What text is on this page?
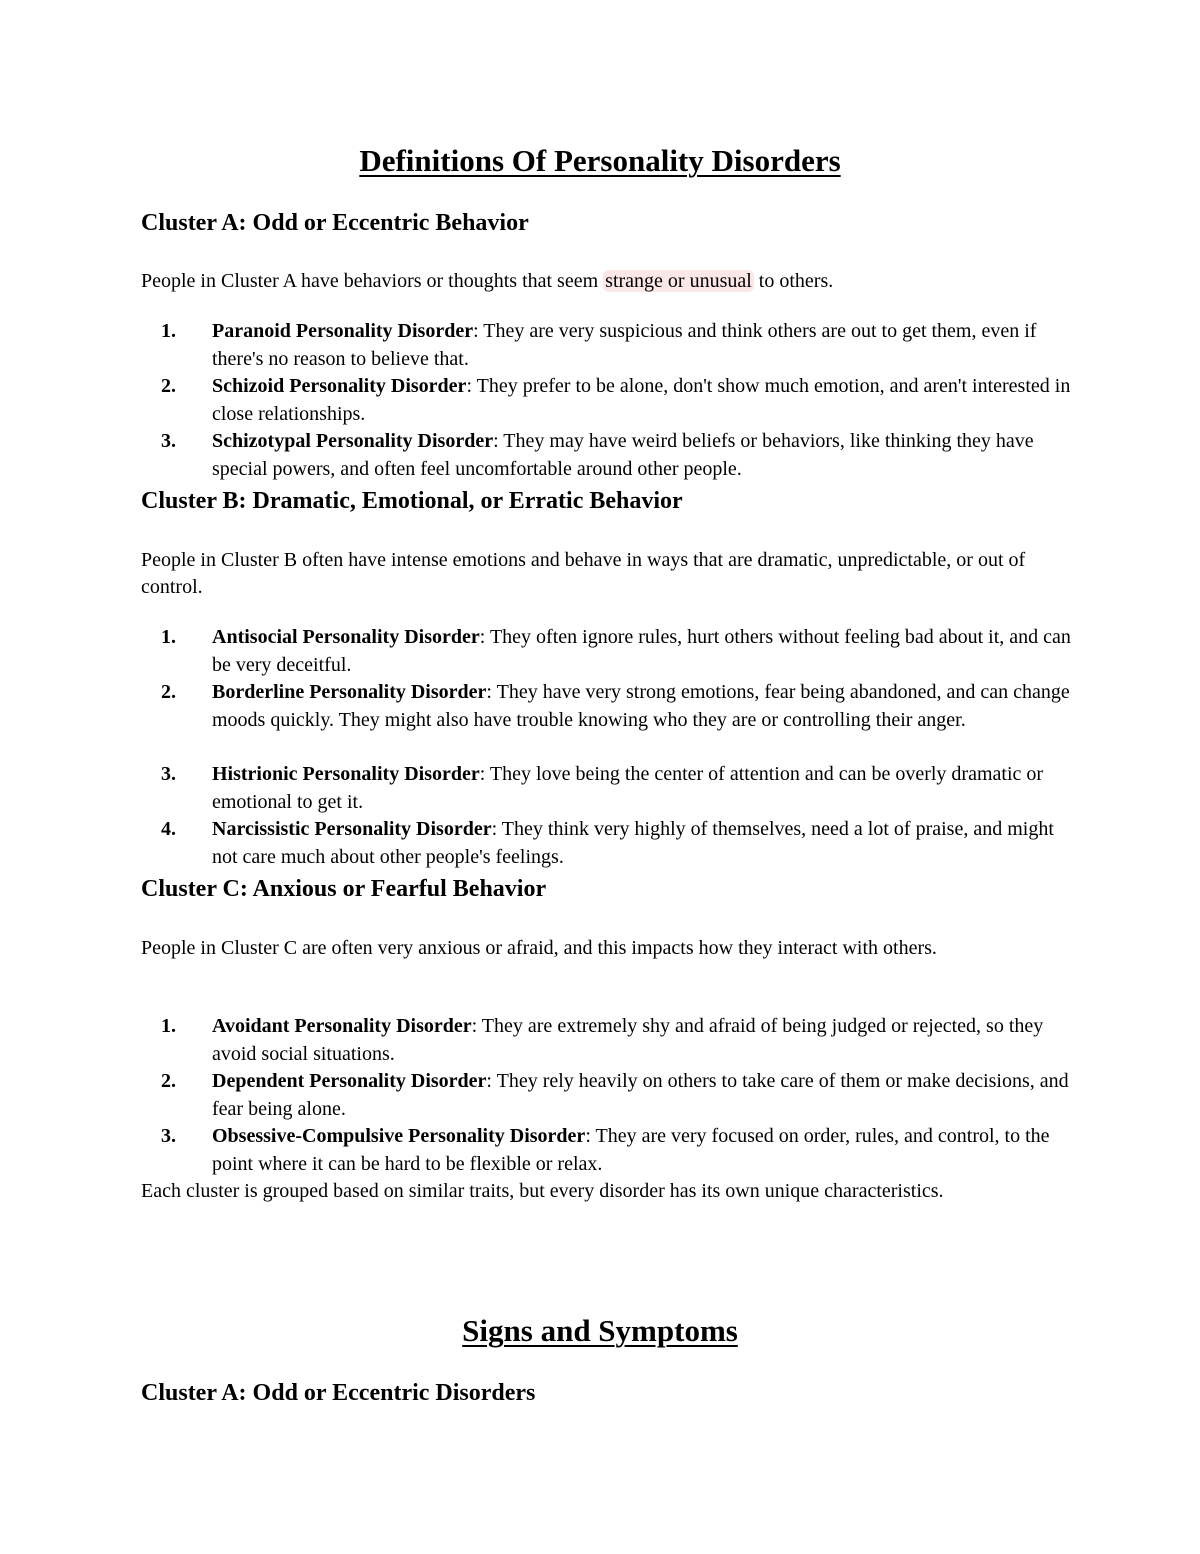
Definitions Of Personality Disorders
Cluster A: Odd or Eccentric Behavior

People in Cluster A have behaviors or thoughts that seem strange or unusual to others.

1. Paranoid Personality Disorder: They are very suspicious and think others are out to get them, even if there's no reason to believe that.
2. Schizoid Personality Disorder: They prefer to be alone, don't show much emotion, and aren't interested in close relationships.
3. Schizotypal Personality Disorder: They may have weird beliefs or behaviors, like thinking they have special powers, and often feel uncomfortable around other people.
Cluster B: Dramatic, Emotional, or Erratic Behavior

People in Cluster B often have intense emotions and behave in ways that are dramatic, unpredictable, or out of control.

1. Antisocial Personality Disorder: They often ignore rules, hurt others without feeling bad about it, and can be very deceitful.
2. Borderline Personality Disorder: They have very strong emotions, fear being abandoned, and can change moods quickly. They might also have trouble knowing who they are or controlling their anger.
3. Histrionic Personality Disorder: They love being the center of attention and can be overly dramatic or emotional to get it.
4. Narcissistic Personality Disorder: They think very highly of themselves, need a lot of praise, and might not care much about other people's feelings.
Cluster C: Anxious or Fearful Behavior

People in Cluster C are often very anxious or afraid, and this impacts how they interact with others.

1. Avoidant Personality Disorder: They are extremely shy and afraid of being judged or rejected, so they avoid social situations.
2. Dependent Personality Disorder: They rely heavily on others to take care of them or make decisions, and fear being alone.
3. Obsessive-Compulsive Personality Disorder: They are very focused on order, rules, and control, to the point where it can be hard to be flexible or relax.

Each cluster is grouped based on similar traits, but every disorder has its own unique characteristics.

Signs and Symptoms
Cluster A: Odd or Eccentric Disorders
